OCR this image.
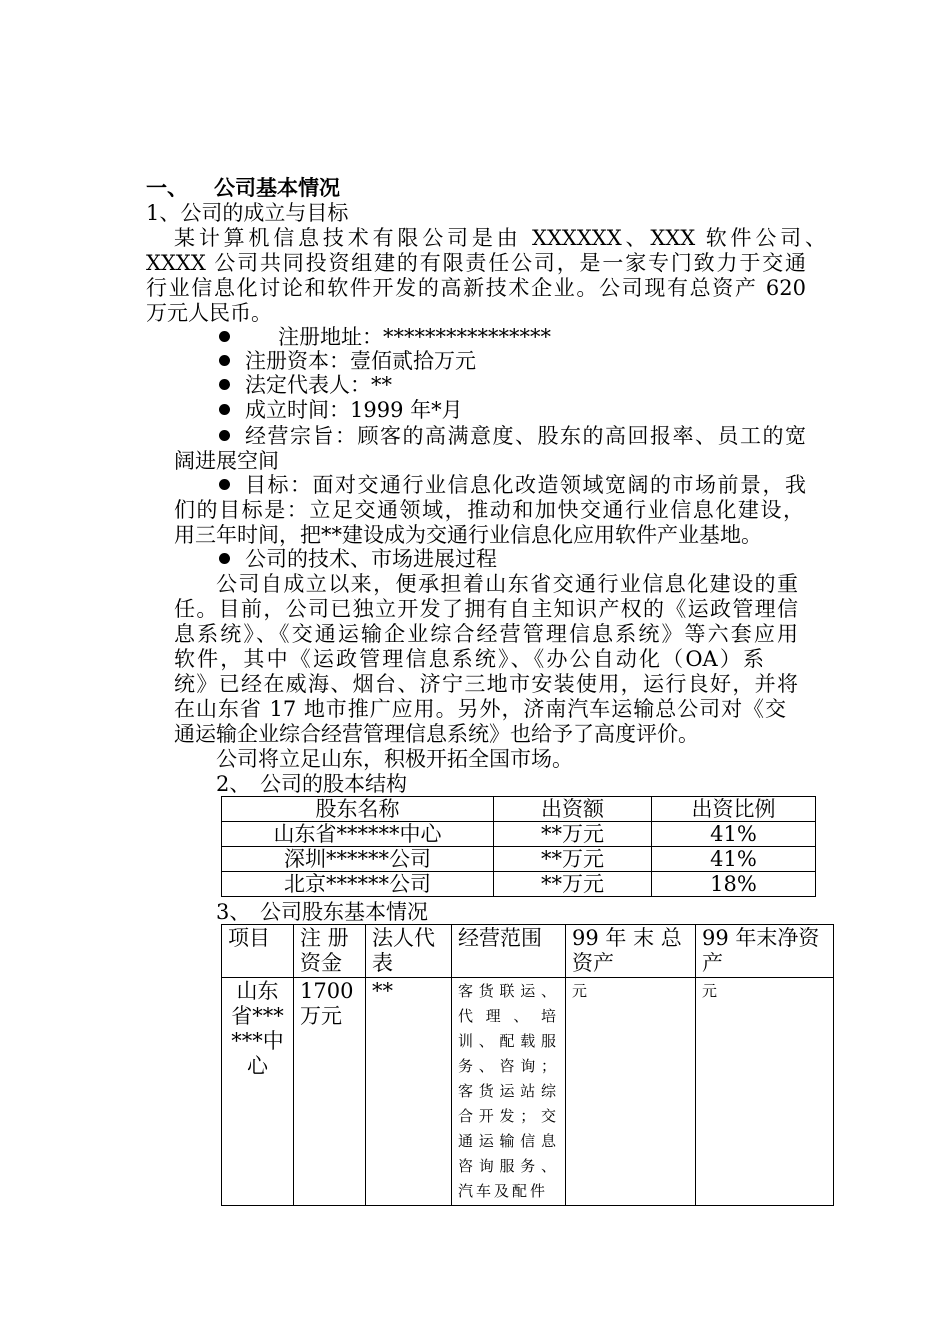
一、 公司基本情况
1、公司的成立与目标
某计算机信息技术有限公司是由 XXXXXX、XXX 软件公司、
XXXX 公司共同投资组建的有限责任公司，是一家专门致力于交通
行业信息化讨论和软件开发的高新技术企业。公司现有总资产 620
万元人民币。
注册地址：****************
注册资本：壹佰贰拾万元
法定代表人：**
成立时间：1999 年*月
经营宗旨：顾客的高满意度、股东的高回报率、员工的宽
阔进展空间
目标：面对交通行业信息化改造领域宽阔的市场前景，我
们的目标是：立足交通领域，推动和加快交通行业信息化建设，
用三年时间，把**建设成为交通行业信息化应用软件产业基地。
公司的技术、市场进展过程
公司自成立以来，便承担着山东省交通行业信息化建设的重
任。目前，公司已独立开发了拥有自主知识产权的《运政管理信
息系统》、《交通运输企业综合经营管理信息系统》等六套应用
软件，其中《运政管理信息系统》、《办公自动化（OA）系
统》已经在威海、烟台、济宁三地市安装使用，运行良好，并将
在山东省 17 地市推广应用。另外，济南汽车运输总公司对《交
通运输企业综合经营管理信息系统》也给予了高度评价。
公司将立足山东，积极开拓全国市场。
2、 公司的股本结构
股东名称	出资额	出资比例
山东省******中心	**万元	41%
深圳******公司	**万元	41%
北京******公司	**万元	18%
3、 公司股东基本情况
项目	注 册资金	法人代表	经营范围	99 年 末 总资产	99 年末净资产
山东省******中心	1700 万元	**	客货联运、代理、培训、配载服务、咨询；客货运站综合开发；交通运输信息咨询服务、汽车及配件	元	元
